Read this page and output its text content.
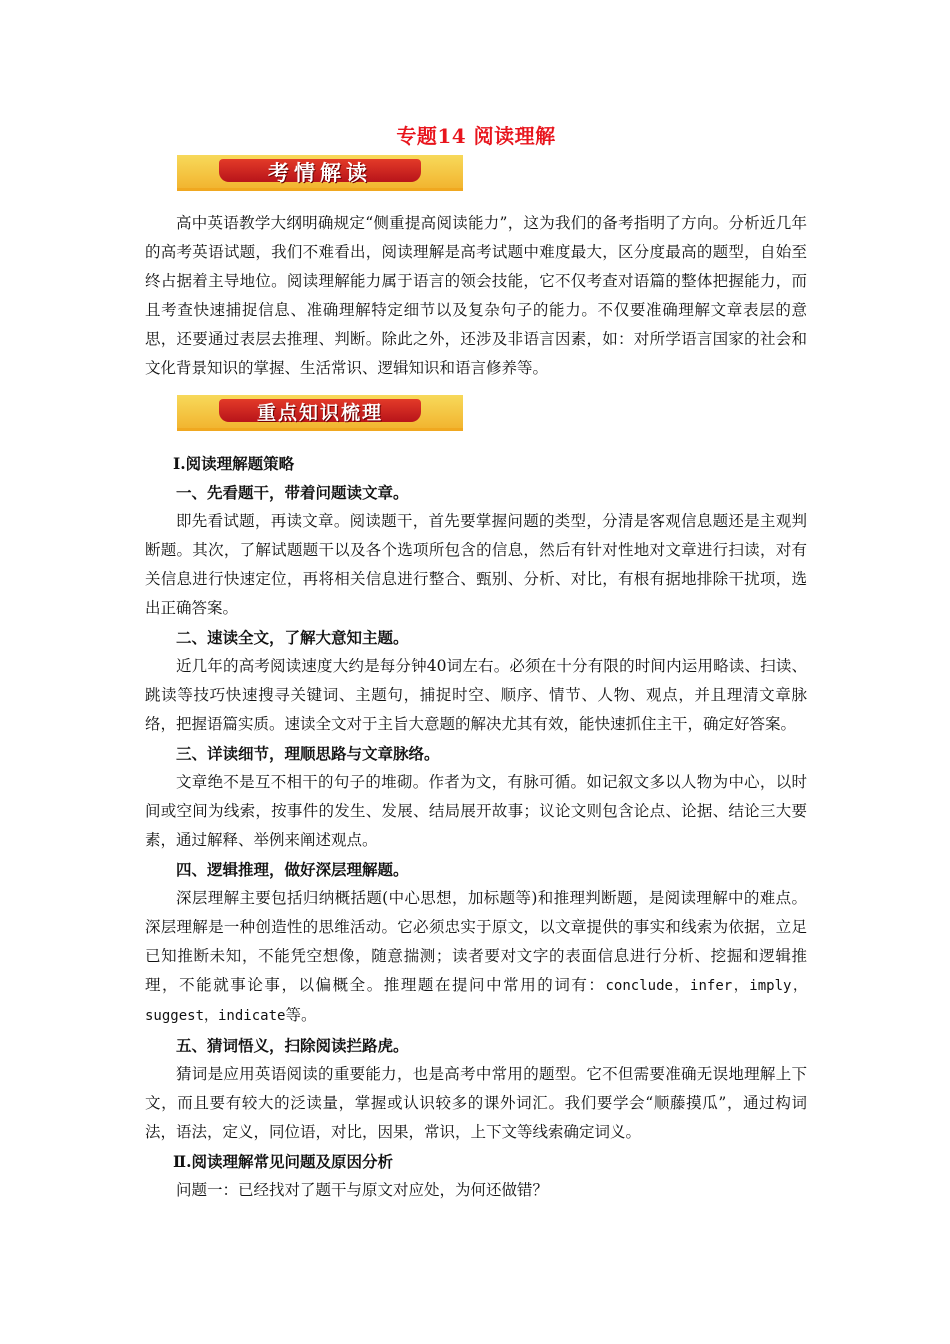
专题14 阅读理解
考情解读

高中英语教学大纲明确规定“侧重提高阅读能力”，这为我们的备考指明了方向。分析近几年的高考英语试题，我们不难看出，阅读理解是高考试题中难度最大，区分度最高的题型，自始至终占据着主导地位。阅读理解能力属于语言的领会技能，它不仅考查对语篇的整体把握能力，而且考查快速捕捉信息、准确理解特定细节以及复杂句子的能力。不仅要准确理解文章表层的意思，还要通过表层去推理、判断。除此之外，还涉及非语言因素，如：对所学语言国家的社会和文化背景知识的掌握、生活常识、逻辑知识和语言修养等。

重点知识梳理

Ⅰ.阅读理解题策略

一、先看题干，带着问题读文章。

即先看试题，再读文章。阅读题干，首先要掌握问题的类型，分清是客观信息题还是主观判断题。其次，了解试题题干以及各个选项所包含的信息，然后有针对性地对文章进行扫读，对有关信息进行快速定位，再将相关信息进行整合、甄别、分析、对比，有根有据地排除干扰项，选出正确答案。

二、速读全文，了解大意知主题。

近几年的高考阅读速度大约是每分钟40词左右。必须在十分有限的时间内运用略读、扫读、跳读等技巧快速搜寻关键词、主题句，捕捉时空、顺序、情节、人物、观点，并且理清文章脉络，把握语篇实质。速读全文对于主旨大意题的解决尤其有效，能快速抓住主干，确定好答案。

三、详读细节，理顺思路与文章脉络。

文章绝不是互不相干的句子的堆砌。作者为文，有脉可循。如记叙文多以人物为中心，以时间或空间为线索，按事件的发生、发展、结局展开故事；议论文则包含论点、论据、结论三大要素，通过解释、举例来阐述观点。

四、逻辑推理，做好深层理解题。

深层理解主要包括归纳概括题(中心思想，加标题等)和推理判断题，是阅读理解中的难点。深层理解是一种创造性的思维活动。它必须忠实于原文，以文章提供的事实和线索为依据，立足已知推断未知，不能凭空想像，随意揣测；读者要对文字的表面信息进行分析、挖掘和逻辑推理，不能就事论事，以偏概全。推理题在提问中常用的词有：conclude，infer，imply，suggest，indicate等。

五、猜词悟义，扫除阅读拦路虎。

猜词是应用英语阅读的重要能力，也是高考中常用的题型。它不但需要准确无误地理解上下文，而且要有较大的泛读量，掌握或认识较多的课外词汇。我们要学会“顺藤摸瓜”，通过构词法，语法，定义，同位语，对比，因果，常识，上下文等线索确定词义。

Ⅱ.阅读理解常见问题及原因分析

问题一：已经找对了题干与原文对应处，为何还做错？
